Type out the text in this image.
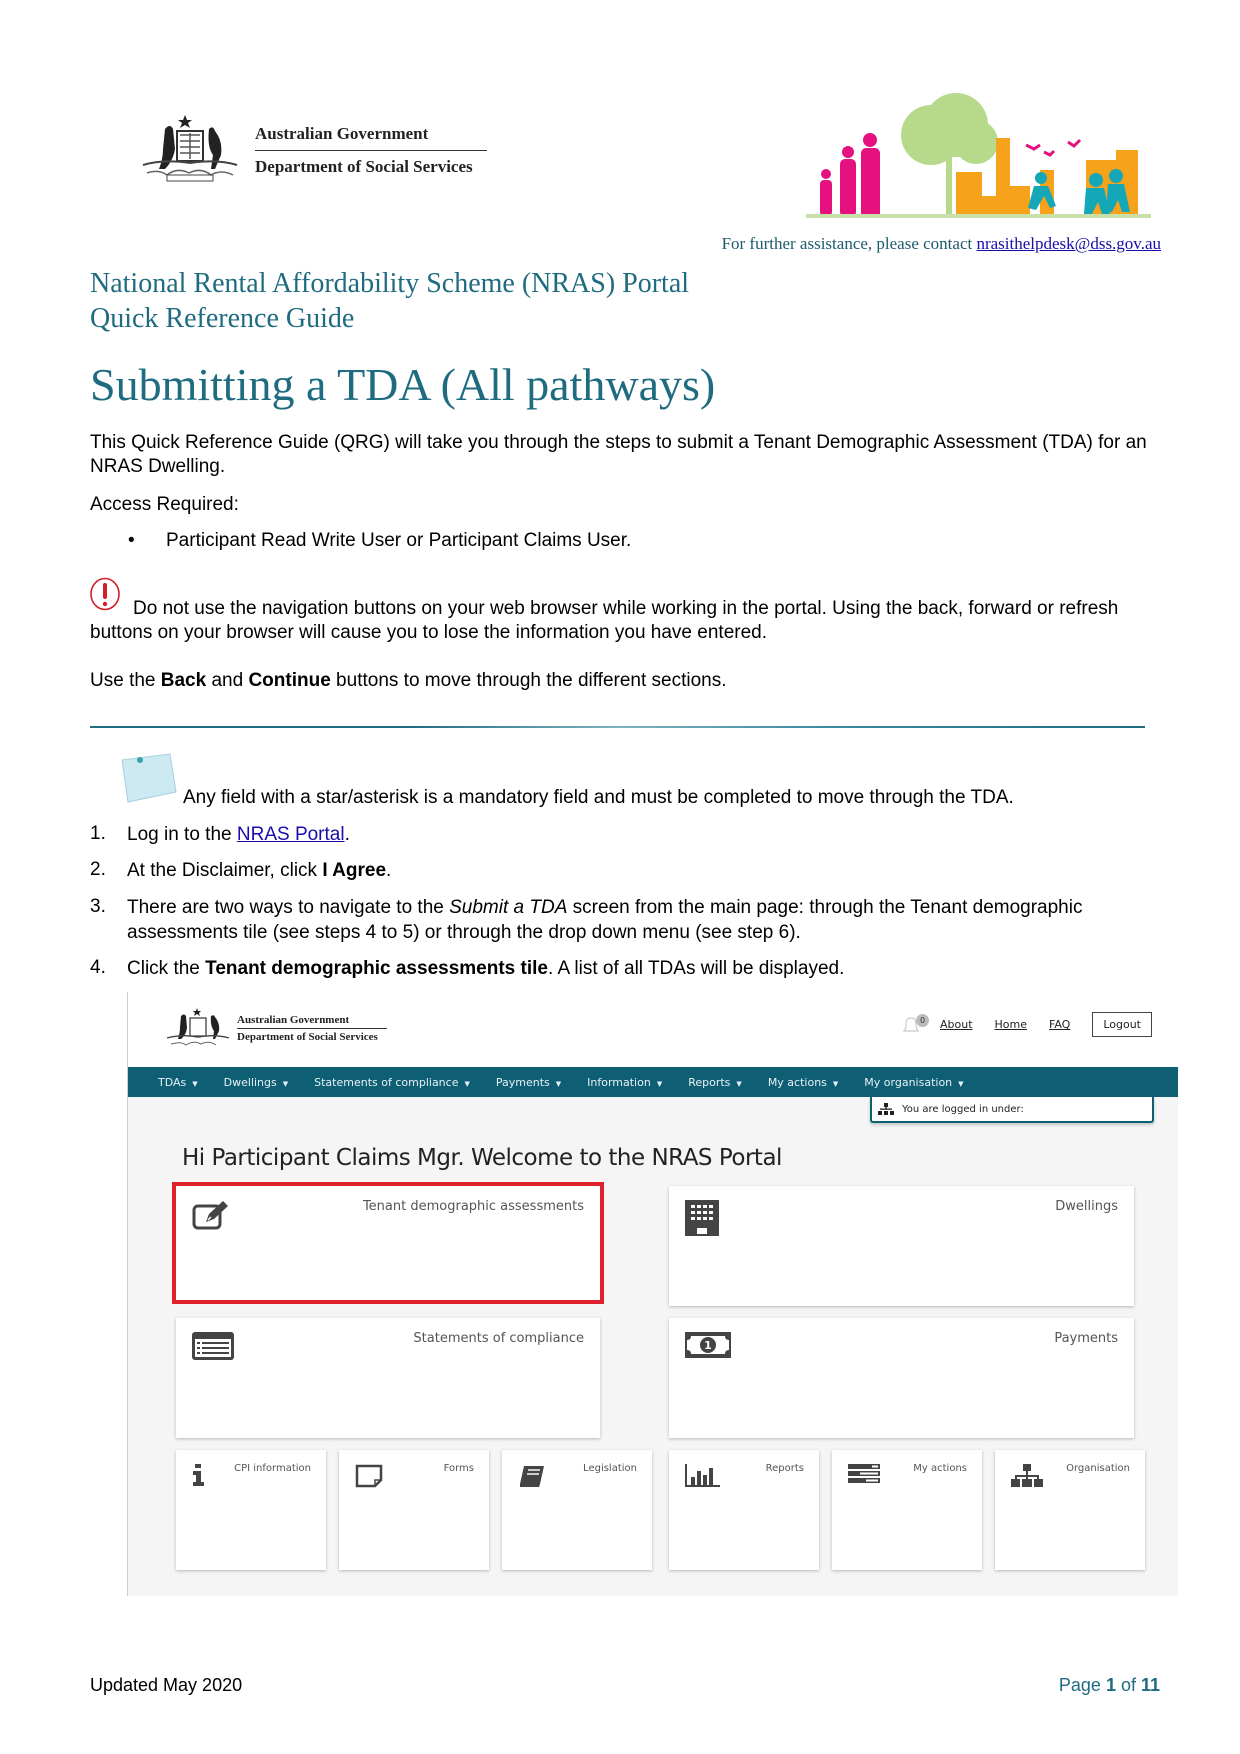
Australian Government
Department of Social Services
For further assistance, please contact nrasithelpdesk@dss.gov.au
National Rental Affordability Scheme (NRAS) Portal
Quick Reference Guide
Submitting a TDA (All pathways)
This Quick Reference Guide (QRG) will take you through the steps to submit a Tenant Demographic Assessment (TDA) for an NRAS Dwelling.
Access Required:
• Participant Read Write User or Participant Claims User.
Do not use the navigation buttons on your web browser while working in the portal. Using the back, forward or refresh buttons on your browser will cause you to lose the information you have entered.
Use the Back and Continue buttons to move through the different sections.
Any field with a star/asterisk is a mandatory field and must be completed to move through the TDA.
1. Log in to the NRAS Portal.
2. At the Disclaimer, click I Agree.
3. There are two ways to navigate to the Submit a TDA screen from the main page: through the Tenant demographic assessments tile (see steps 4 to 5) or through the drop down menu (see step 6).
4. Click the Tenant demographic assessments tile. A list of all TDAs will be displayed.
Australian Government
Department of Social Services
0	About Home FAQ	Logout
TDAs ▼ Dwellings ▼ Statements of compliance ▼ Payments ▼ Information ▼ Reports ▼ My actions ▼ My organisation ▼
You are logged in under:
Hi Participant Claims Mgr. Welcome to the NRAS Portal
Tenant demographic assessments	Dwellings
Statements of compliance	1	Payments
CPI information	Forms	Legislation	Reports	My actions	Organisation
Updated May 2020	Page 1 of 11
